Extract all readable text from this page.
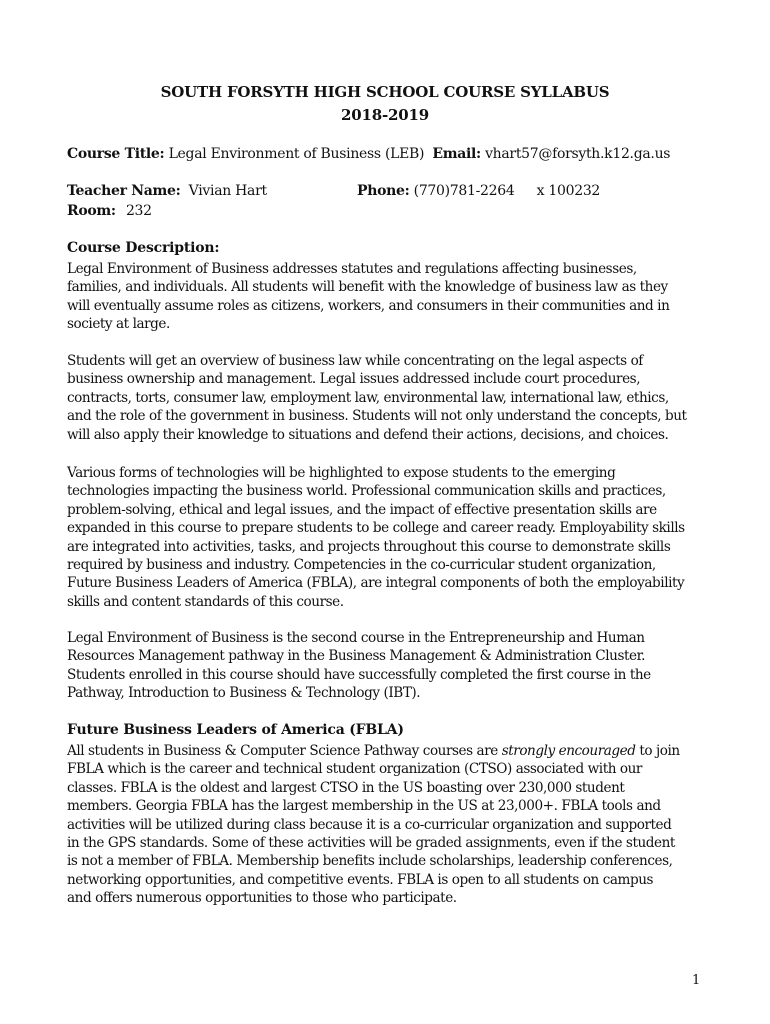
SOUTH FORSYTH HIGH SCHOOL COURSE SYLLABUS
2018-2019
Course Title: Legal Environment of Business (LEB) Email: vhart57@forsyth.k12.ga.us
Teacher Name: Vivian Hart	Phone: (770)781-2264 x 100232
Room: 232
Course Description:
Legal Environment of Business addresses statutes and regulations affecting businesses,
families, and individuals. All students will benefit with the knowledge of business law as they
will eventually assume roles as citizens, workers, and consumers in their communities and in
society at large.
Students will get an overview of business law while concentrating on the legal aspects of
business ownership and management. Legal issues addressed include court procedures,
contracts, torts, consumer law, employment law, environmental law, international law, ethics,
and the role of the government in business. Students will not only understand the concepts, but
will also apply their knowledge to situations and defend their actions, decisions, and choices.
Various forms of technologies will be highlighted to expose students to the emerging
technologies impacting the business world. Professional communication skills and practices,
problem-solving, ethical and legal issues, and the impact of effective presentation skills are
expanded in this course to prepare students to be college and career ready. Employability skills
are integrated into activities, tasks, and projects throughout this course to demonstrate skills
required by business and industry. Competencies in the co-curricular student organization,
Future Business Leaders of America (FBLA), are integral components of both the employability
skills and content standards of this course.
Legal Environment of Business is the second course in the Entrepreneurship and Human
Resources Management pathway in the Business Management & Administration Cluster.
Students enrolled in this course should have successfully completed the first course in the
Pathway, Introduction to Business & Technology (IBT).
Future Business Leaders of America (FBLA)
All students in Business & Computer Science Pathway courses are strongly encouraged to join
FBLA which is the career and technical student organization (CTSO) associated with our
classes. FBLA is the oldest and largest CTSO in the US boasting over 230,000 student
members. Georgia FBLA has the largest membership in the US at 23,000+. FBLA tools and
activities will be utilized during class because it is a co-curricular organization and supported
in the GPS standards. Some of these activities will be graded assignments, even if the student
is not a member of FBLA. Membership benefits include scholarships, leadership conferences,
networking opportunities, and competitive events. FBLA is open to all students on campus
and offers numerous opportunities to those who participate.
1
